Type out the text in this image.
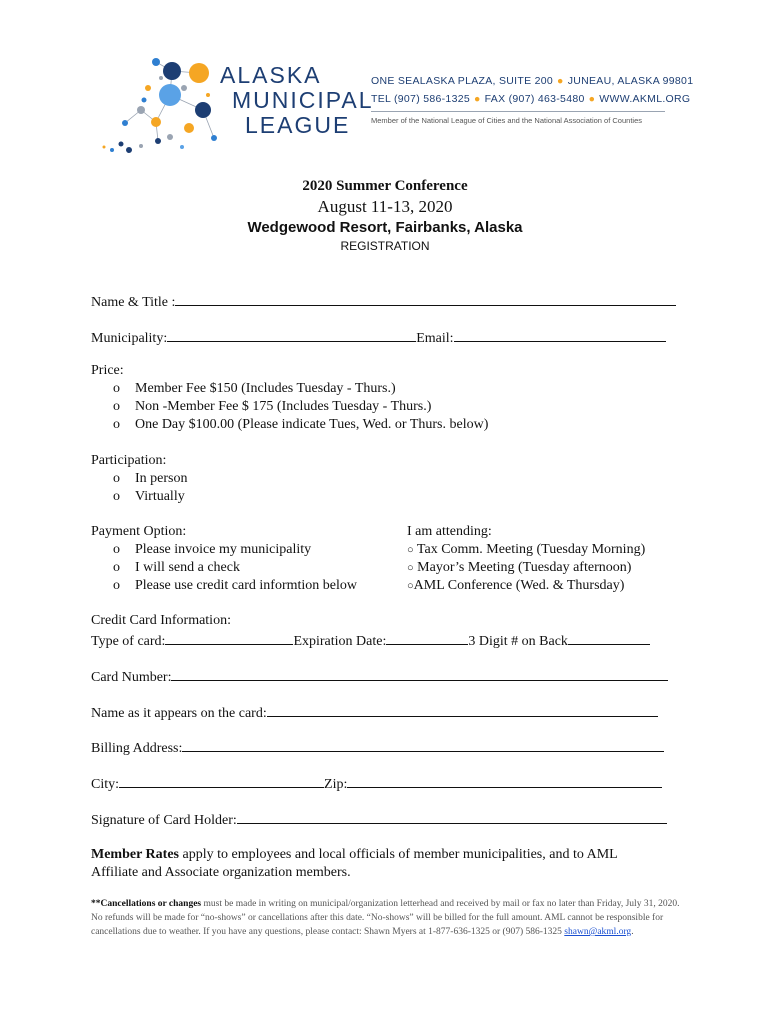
ALASKA
MUNICIPAL
LEAGUE
ONE SEALASKA PLAZA, SUITE 200 ● JUNEAU, ALASKA 99801
TEL (907) 586-1325 ● FAX (907) 463-5480 ● WWW.AKML.ORG
Member of the National League of Cities and the National Association of Counties
2020 Summer Conference
August 11-13, 2020
Wedgewood Resort, Fairbanks, Alaska
REGISTRATION
Name & Title :
Municipality:	Email:
Price:
o Member Fee $150 (Includes Tuesday - Thurs.)
o Non -Member Fee $ 175 (Includes Tuesday - Thurs.)
o One Day $100.00 (Please indicate Tues, Wed. or Thurs. below)
Participation:
o In person
o Virtually
Payment Option:
o Please invoice my municipality
o I will send a check
o Please use credit card informtion below
I am attending:
○ Tax Comm. Meeting (Tuesday Morning)
○ Mayor’s Meeting (Tuesday afternoon)
○AML Conference (Wed. & Thursday)
Credit Card Information:
Type of card:	Expiration Date:	3 Digit # on Back
Card Number:
Name as it appears on the card:
Billing Address:
City:	Zip:
Signature of Card Holder:
Member Rates apply to employees and local officials of member municipalities, and to AML
Affiliate and Associate organization members.
**Cancellations or changes must be made in writing on municipal/organization letterhead and received by mail or fax no later than Friday, July 31, 2020. No refunds will be made for “no-shows” or cancellations after this date. “No-shows” will be billed for the full amount. AML cannot be responsible for cancellations due to weather. If you have any questions, please contact: Shawn Myers at 1-877-636-1325 or (907) 586-1325 shawn@akml.org.
